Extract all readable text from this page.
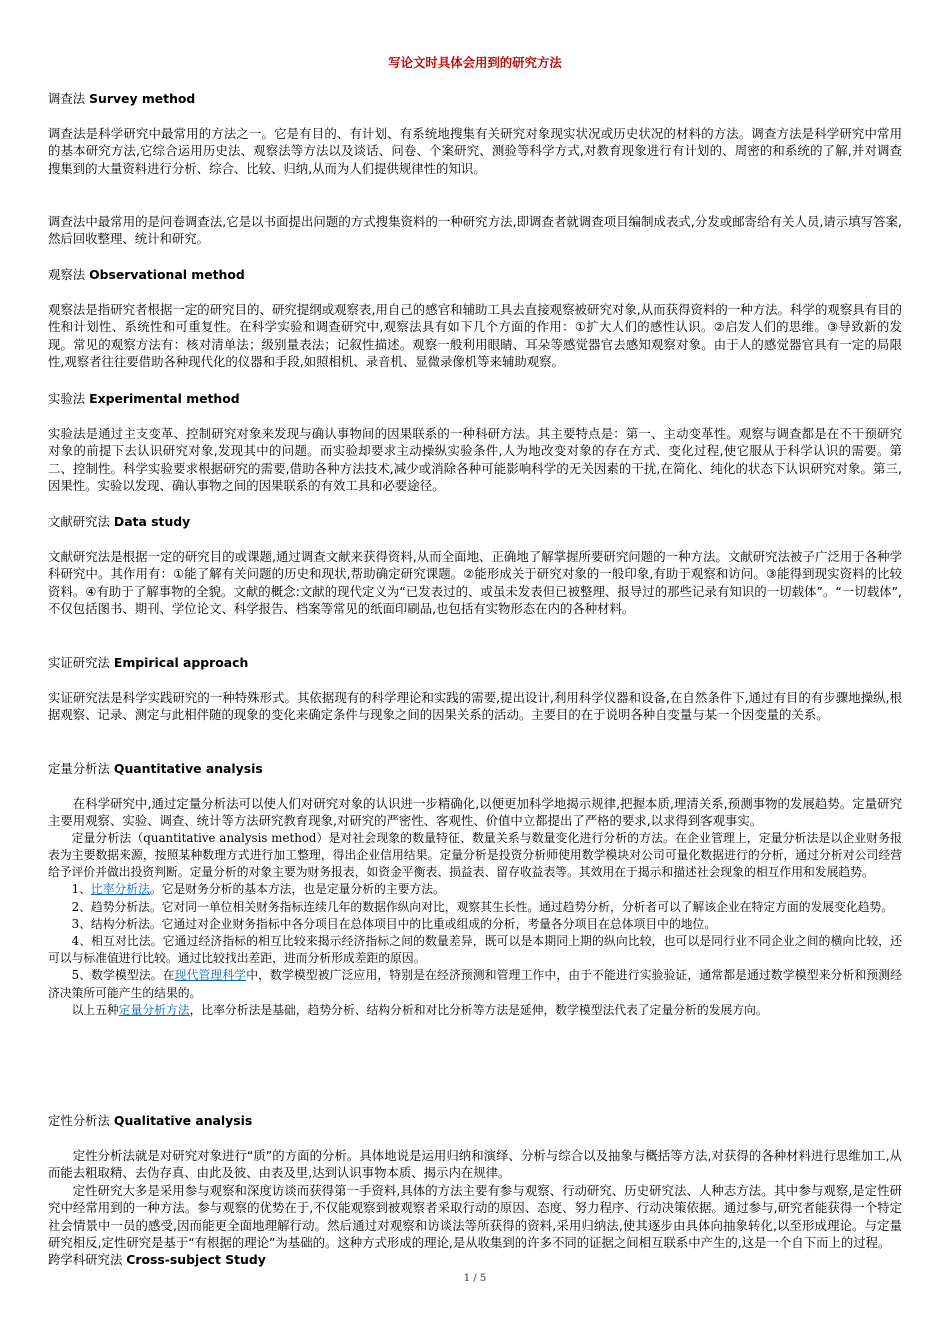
写论文时具体会用到的研究方法
调查法 Survey method

调查法是科学研究中最常用的方法之一。它是有目的、有计划、有系统地搜集有关研究对象现实状况或历史状况的材料的方法。调查方法是科学研究中常用的基本研究方法,它综合运用历史法、观察法等方法以及谈话、问卷、个案研究、测验等科学方式,对教育现象进行有计划的、周密的和系统的了解,并对调查搜集到的大量资料进行分析、综合、比较、归纳,从而为人们提供规律性的知识。

调查法中最常用的是问卷调查法,它是以书面提出问题的方式搜集资料的一种研究方法,即调查者就调查项目编制成表式,分发或邮寄给有关人员,请示填写答案,然后回收整理、统计和研究。

观察法 Observational method

观察法是指研究者根据一定的研究目的、研究提纲或观察表,用自己的感官和辅助工具去直接观察被研究对象,从而获得资料的一种方法。科学的观察具有目的性和计划性、系统性和可重复性。在科学实验和调查研究中,观察法具有如下几个方面的作用：①扩大人们的感性认识。②启发人们的思维。③导致新的发现。常见的观察方法有：核对清单法；级别量表法；记叙性描述。观察一般利用眼睛、耳朵等感觉器官去感知观察对象。由于人的感觉器官具有一定的局限性,观察者往往要借助各种现代化的仪器和手段,如照相机、录音机、显微录像机等来辅助观察。

实验法 Experimental method

实验法是通过主支变革、控制研究对象来发现与确认事物间的因果联系的一种科研方法。其主要特点是：第一、主动变革性。观察与调查都是在不干预研究对象的前提下去认识研究对象,发现其中的问题。而实验却要求主动操纵实验条件,人为地改变对象的存在方式、变化过程,使它服从于科学认识的需要。第二、控制性。科学实验要求根据研究的需要,借助各种方法技术,减少或消除各种可能影响科学的无关因素的干扰,在简化、纯化的状态下认识研究对象。第三,因果性。实验以发现、确认事物之间的因果联系的有效工具和必要途径。

文献研究法 Data study

文献研究法是根据一定的研究目的或课题,通过调查文献来获得资料,从而全面地、正确地了解掌握所要研究问题的一种方法。文献研究法被子广泛用于各种学科研究中。其作用有：①能了解有关问题的历史和现状,帮助确定研究课题。②能形成关于研究对象的一般印象,有助于观察和访问。③能得到现实资料的比较资料。④有助于了解事物的全貌。文献的概念:文献的现代定义为“已发表过的、或虽未发表但已被整理、报导过的那些记录有知识的一切载体”。“一切载体”,不仅包括图书、期刊、学位论文、科学报告、档案等常见的纸面印刷品,也包括有实物形态在内的各种材料。

实证研究法 Empirical approach

实证研究法是科学实践研究的一种特殊形式。其依据现有的科学理论和实践的需要,提出设计,利用科学仪器和设备,在自然条件下,通过有目的有步骤地操纵,根据观察、记录、测定与此相伴随的现象的变化来确定条件与现象之间的因果关系的活动。主要目的在于说明各种自变量与某一个因变量的关系。

定量分析法 Quantitative analysis

在科学研究中,通过定量分析法可以使人们对研究对象的认识进一步精确化,以便更加科学地揭示规律,把握本质,理清关系,预测事物的发展趋势。定量研究主要用观察、实验、调查、统计等方法研究教育现象,对研究的严密性、客观性、价值中立都提出了严格的要求,以求得到客观事实。

定量分析法（quantitative analysis method）是对社会现象的数量特征、数量关系与数量变化进行分析的方法。在企业管理上，定量分析法是以企业财务报表为主要数据来源，按照某种数理方式进行加工整理，得出企业信用结果。定量分析是投资分析师使用数学模块对公司可量化数据进行的分析，通过分析对公司经营给予评价并做出投资判断。定量分析的对象主要为财务报表，如资金平衡表、损益表、留存收益表等。其效用在于揭示和描述社会现象的相互作用和发展趋势。

1、比率分析法。它是财务分析的基本方法，也是定量分析的主要方法。

2、趋势分析法。它对同一单位相关财务指标连续几年的数据作纵向对比，观察其生长性。通过趋势分析，分析者可以了解该企业在特定方面的发展变化趋势。

3、结构分析法。它通过对企业财务指标中各分项目在总体项目中的比重或组成的分析，考量各分项目在总体项目中的地位。

4、相互对比法。它通过经济指标的相互比较来揭示经济指标之间的数量差异，既可以是本期同上期的纵向比较，也可以是同行业不同企业之间的横向比较，还可以与标准值进行比较。通过比较找出差距，进而分析形成差距的原因。

5、数学模型法。在现代管理科学中，数学模型被广泛应用，特别是在经济预测和管理工作中，由于不能进行实验验证，通常都是通过数学模型来分析和预测经济决策所可能产生的结果的。

以上五种定量分析方法，比率分析法是基础，趋势分析、结构分析和对比分析等方法是延伸，数学模型法代表了定量分析的发展方向。

定性分析法 Qualitative analysis

定性分析法就是对研究对象进行“质”的方面的分析。具体地说是运用归纳和演绎、分析与综合以及抽象与概括等方法,对获得的各种材料进行思维加工,从而能去粗取精、去伪存真、由此及彼、由表及里,达到认识事物本质、揭示内在规律。

定性研究大多是采用参与观察和深度访谈而获得第一手资料,具体的方法主要有参与观察、行动研究、历史研究法、人种志方法。其中参与观察,是定性研究中经常用到的一种方法。参与观察的优势在于,不仅能观察到被观察者采取行动的原因、态度、努力程序、行动决策依据。通过参与,研究者能获得一个特定社会情景中一员的感受,因而能更全面地理解行动。然后通过对观察和访谈法等所获得的资料,采用归纳法,使其逐步由具体向抽象转化,以至形成理论。与定量研究相反,定性研究是基于“有根据的理论”为基础的。这种方式形成的理论,是从收集到的许多不同的证据之间相互联系中产生的,这是一个自下而上的过程。

跨学科研究法 Cross-subject Study
1 / 5
